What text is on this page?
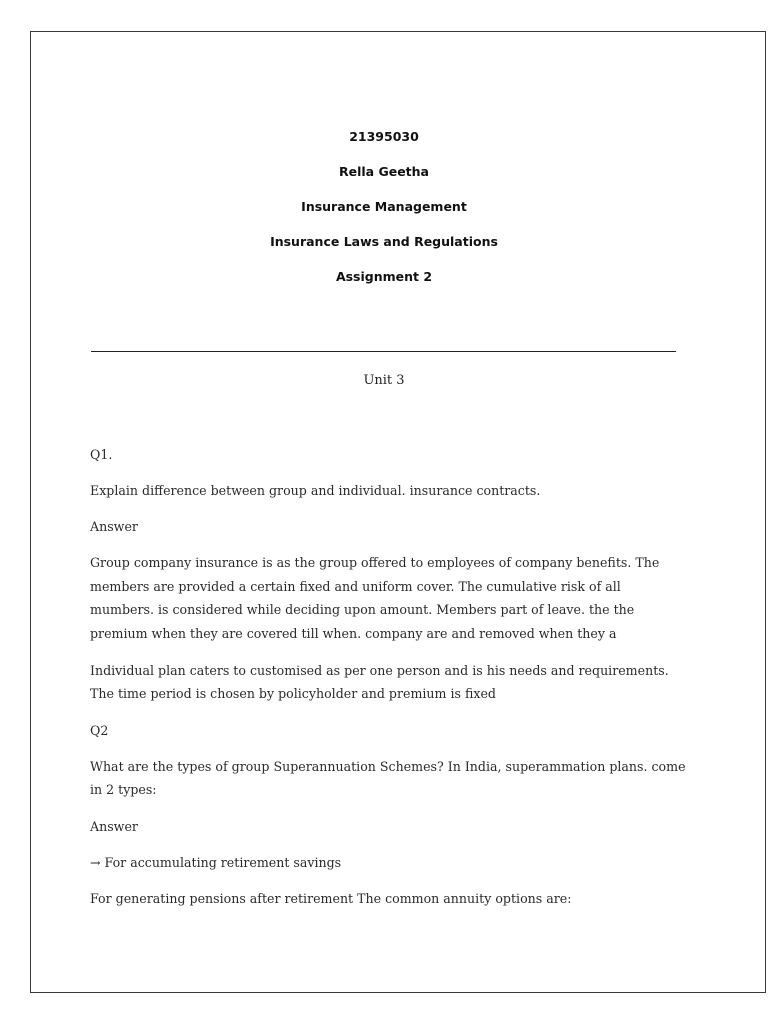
21395030
Rella Geetha
Insurance Management
Insurance Laws and Regulations
Assignment 2
Unit 3

Q1.

Explain difference between group and individual. insurance contracts.

Answer

Group company insurance is as the group offered to employees of company benefits. The

members are provided a certain fixed and uniform cover. The cumulative risk of all

mumbers. is considered while deciding upon amount. Members part of leave. the the

premium when they are covered till when. company are and removed when they a

Individual plan caters to customised as per one person and is his needs and requirements.

The time period is chosen by policyholder and premium is fixed

Q2

What are the types of group Superannuation Schemes? In India, superammation plans. come

in 2 types:

Answer

→ For accumulating retirement savings

For generating pensions after retirement The common annuity options are:
